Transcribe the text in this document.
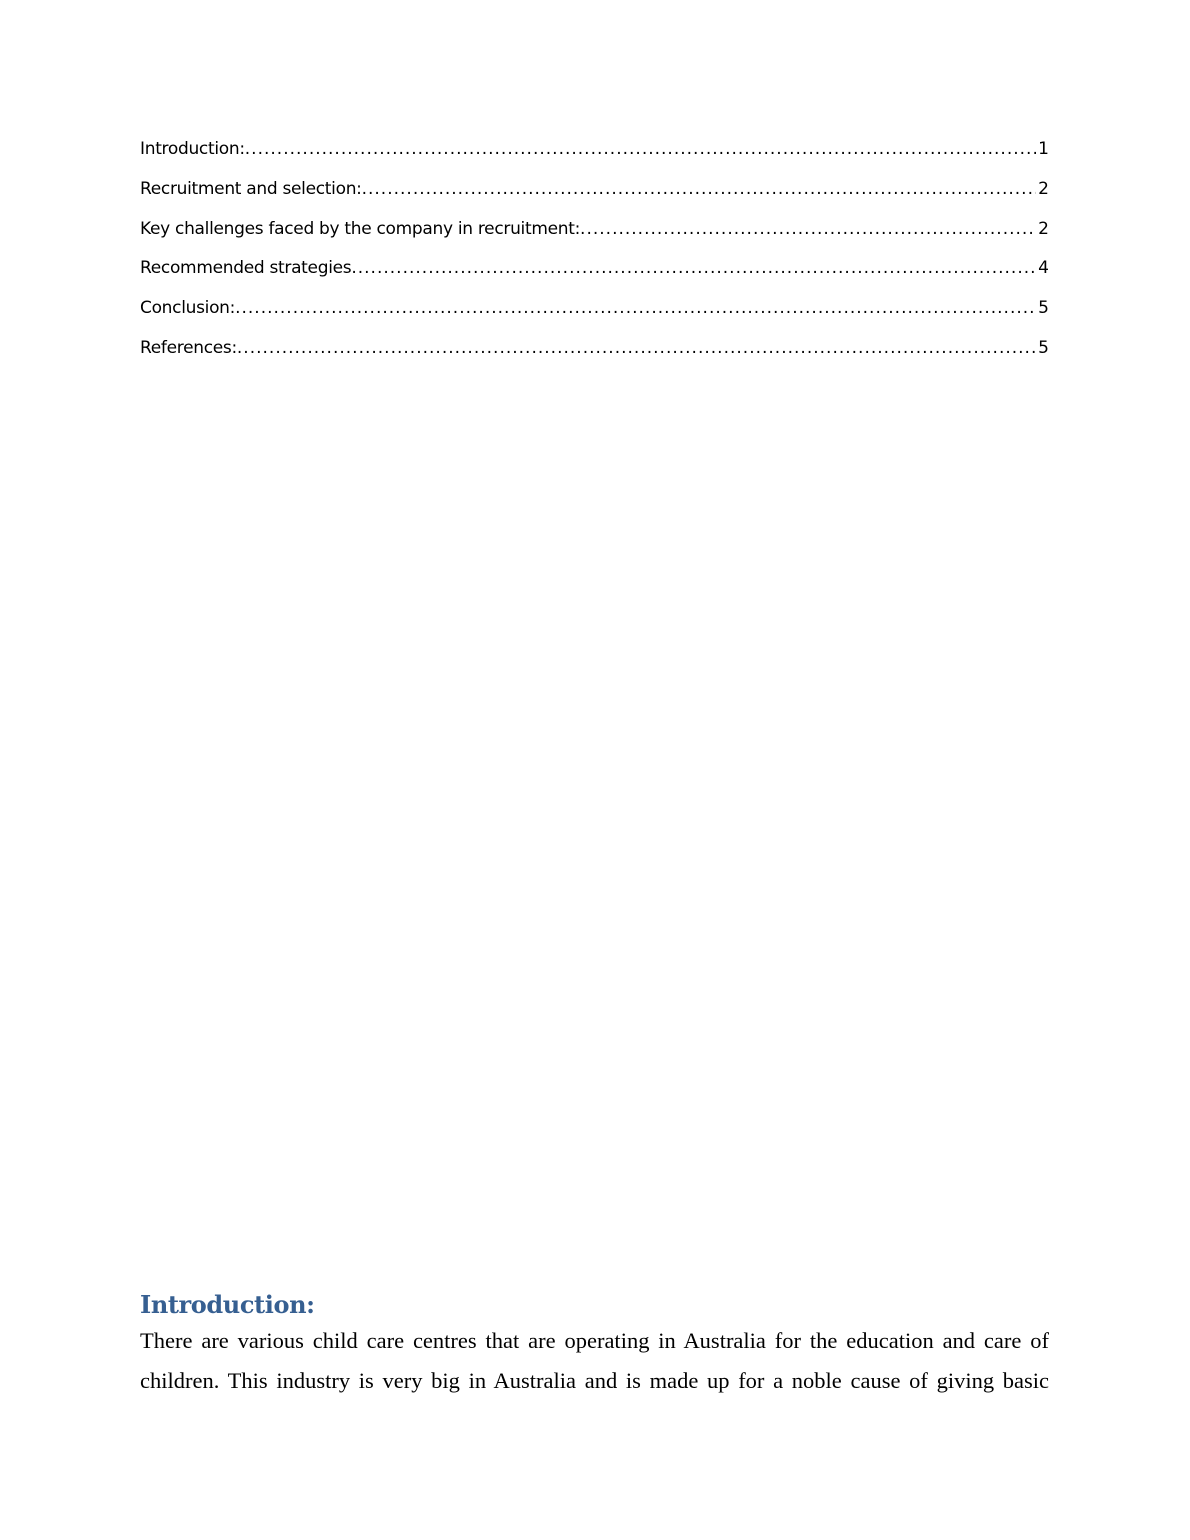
Introduction: .....	1
Recruitment and selection: .....	2
Key challenges faced by the company in recruitment: .....	2
Recommended strategies .....	4
Conclusion: .....	5
References: .....	5
Introduction:

There are various child care centres that are operating in Australia for the education and care of children. This industry is very big in Australia and is made up for a noble cause of giving basic
